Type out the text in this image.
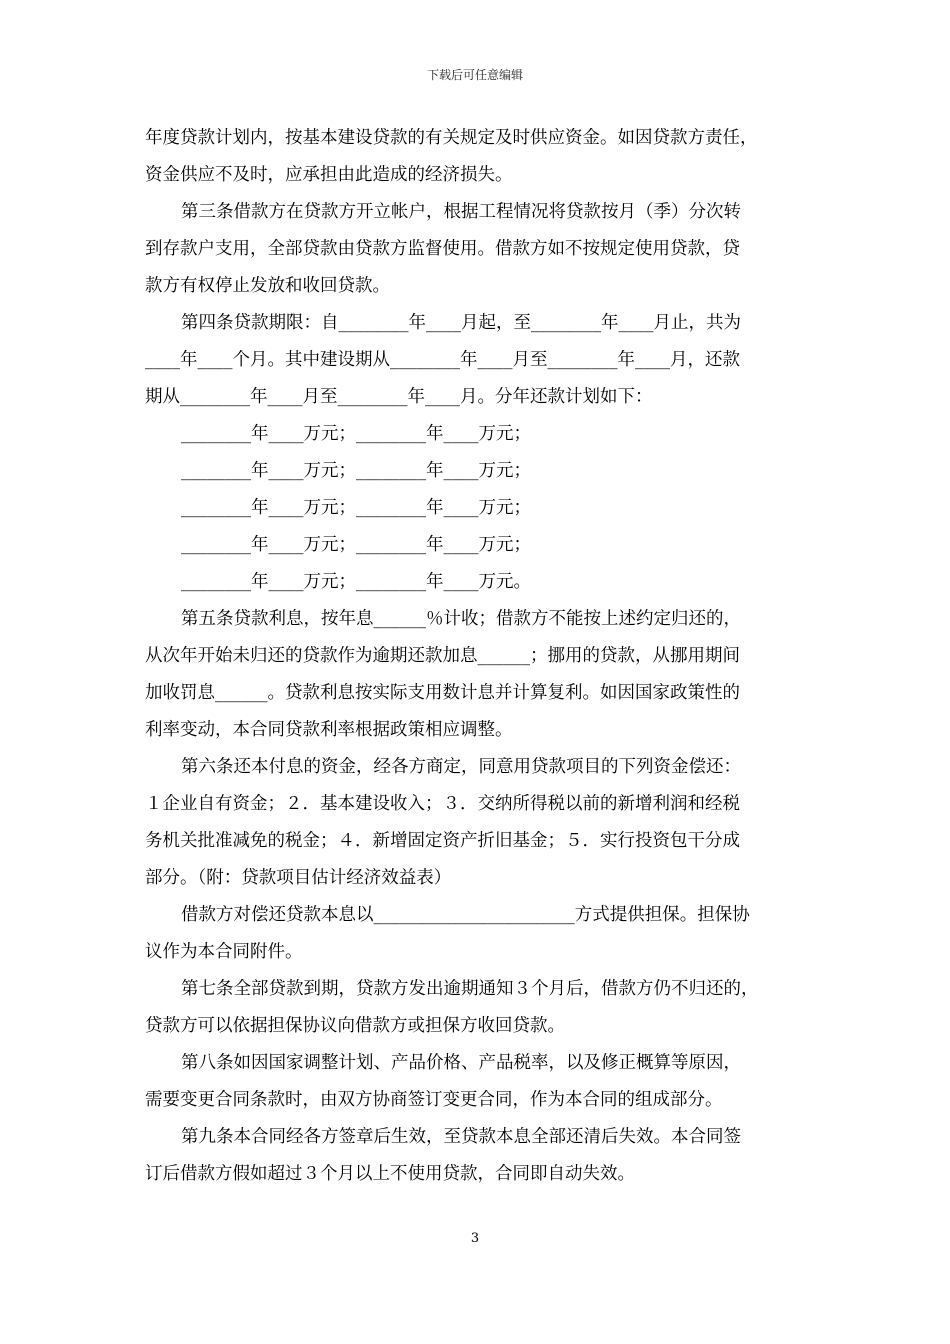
下载后可任意编辑
年度贷款计划内，按基本建设贷款的有关规定及时供应资金。如因贷款方责任，
资金供应不及时，应承担由此造成的经济损失。
第三条借款方在贷款方开立帐户，根据工程情况将贷款按月（季）分次转
到存款户支用，全部贷款由贷款方监督使用。借款方如不按规定使用贷款，贷
款方有权停止发放和收回贷款。
第四条贷款期限：自________年____月起，至________年____月止，共为
____年____个月。其中建设期从________年____月至________年____月，还款
期从________年____月至________年____月。分年还款计划如下：
________年____万元；________年____万元；
________年____万元；________年____万元；
________年____万元；________年____万元；
________年____万元；________年____万元；
________年____万元；________年____万元。
第五条贷款利息，按年息______％计收；借款方不能按上述约定归还的，
从次年开始未归还的贷款作为逾期还款加息______；挪用的贷款，从挪用期间
加收罚息______。贷款利息按实际支用数计息并计算复利。如因国家政策性的
利率变动，本合同贷款利率根据政策相应调整。
第六条还本付息的资金，经各方商定，同意用贷款项目的下列资金偿还：
１企业自有资金；２．基本建设收入；３．交纳所得税以前的新增利润和经税
务机关批准减免的税金；４．新增固定资产折旧基金；５．实行投资包干分成
部分。（附：贷款项目估计经济效益表）
借款方对偿还贷款本息以_______________________方式提供担保。担保协
议作为本合同附件。
第七条全部贷款到期，贷款方发出逾期通知３个月后，借款方仍不归还的，
贷款方可以依据担保协议向借款方或担保方收回贷款。
第八条如因国家调整计划、产品价格、产品税率，以及修正概算等原因，
需要变更合同条款时，由双方协商签订变更合同，作为本合同的组成部分。
第九条本合同经各方签章后生效，至贷款本息全部还清后失效。本合同签
订后借款方假如超过３个月以上不使用贷款，合同即自动失效。
3
